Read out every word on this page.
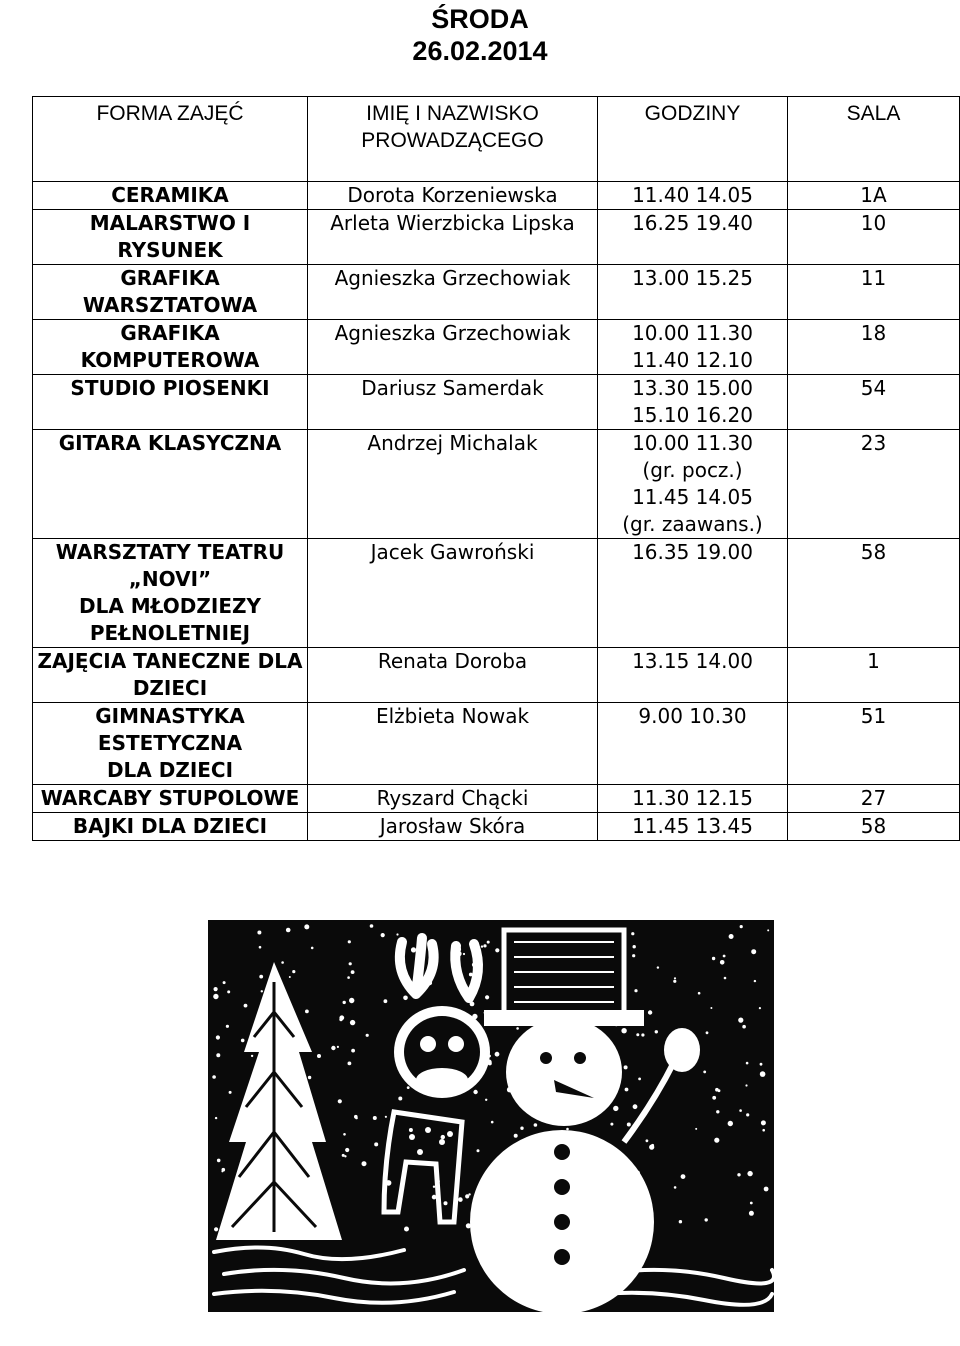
ŚRODA
26.02.2014
FORMA ZAJĘĆ	IMIĘ I NAZWISKO
PROWADZĄCEGO	GODZINY	SALA

CERAMIKA	Dorota Korzeniewska	11.40 14.05	1A
MALARSTWO I
RYSUNEK	Arleta Wierzbicka Lipska	16.25 19.40	10
GRAFIKA
WARSZTATOWA	Agnieszka Grzechowiak	13.00 15.25	11
GRAFIKA
KOMPUTEROWA	Agnieszka Grzechowiak	10.00 11.30
11.40 12.10	18
STUDIO PIOSENKI	Dariusz Samerdak	13.30 15.00
15.10 16.20	54
GITARA KLASYCZNA	Andrzej Michalak	10.00 11.30
(gr. pocz.)
11.45 14.05
(gr. zaawans.)	23
WARSZTATY TEATRU
„NOVI”
DLA MŁODZIEZY
PEŁNOLETNIEJ	Jacek Gawroński	16.35 19.00	58
ZAJĘCIA TANECZNE DLA
DZIECI	Renata Doroba	13.15 14.00	1
GIMNASTYKA
ESTETYCZNA
DLA DZIECI	Elżbieta Nowak	9.00 10.30	51
WARCABY STUPOLOWE	Ryszard Chącki	11.30 12.15	27
BAJKI DLA DZIECI	Jarosław Skóra	11.45 13.45	58
